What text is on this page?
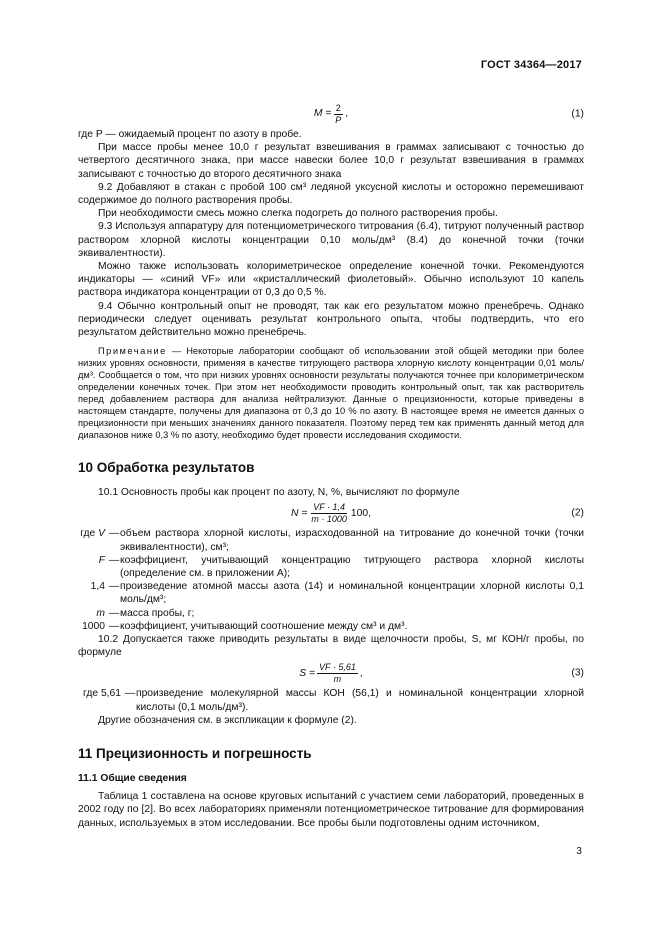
ГОСТ 34364—2017
$M = \frac{2}{P}$ ,	(1)

где P — ожидаемый процент по азоту в пробе.

При массе пробы менее 10,0 г результат взвешивания в граммах записывают с точностью до четвертого десятичного знака, при массе навески более 10,0 г результат взвешивания в граммах записывают с точностью до второго десятичного знака

9.2 Добавляют в стакан с пробой 100 см³ ледяной уксусной кислоты и осторожно перемешивают содержимое до полного растворения пробы.

При необходимости смесь можно слегка подогреть до полного растворения пробы.

9.3 Используя аппаратуру для потенциометрического титрования (6.4), титруют полученный раствор раствором хлорной кислоты концентрации 0,10 моль/дм³ (8.4) до конечной точки (точки эквивалентности).

Можно также использовать колориметрическое определение конечной точки. Рекомендуются индикаторы — «синий VF» или «кристаллический фиолетовый». Обычно используют 10 капель раствора индикатора концентрации от 0,3 до 0,5 %.

9.4 Обычно контрольный опыт не проводят, так как его результатом можно пренебречь. Однако периодически следует оценивать результат контрольного опыта, чтобы подтвердить, что его результатом действительно можно пренебречь.

Примечание — Некоторые лаборатории сообщают об использовании этой общей методики при более низких уровнях основности, применяя в качестве титрующего раствора хлорную кислоту концентрации 0,01 моль/дм³. Сообщается о том, что при низких уровнях основности результаты получаются точнее при колориметрическом определении конечных точек. При этом нет необходимости проводить контрольный опыт, так как растворитель перед добавлением раствора для анализа нейтрализуют. Данные о прецизионности, которые приведены в настоящем стандарте, получены для диапазона от 0,3 до 10 % по азоту. В настоящее время не имеется данных о прецизионности при меньших значениях данного показателя. Поэтому перед тем как применять данный метод для диапазонов ниже 0,3 % по азоту, необходимо будет провести исследования сходимости.

10 Обработка результатов

10.1 Основность пробы как процент по азоту, N, %, вычисляют по формуле

$N = \frac{VF \cdot 1,4}{m \cdot 1000} 100$,	(2)
где V — объем раствора хлорной кислоты, израсходованной на титрование до конечной точки (точки эквивалентности), см³;
F — коэффициент, учитывающий концентрацию титрующего раствора хлорной кислоты (определение см. в приложении А);
1,4 — произведение атомной массы азота (14) и номинальной концентрации хлорной кислоты 0,1 моль/дм³;
m — масса пробы, г;
1000 — коэффициент, учитывающий соотношение между см³ и дм³.

10.2 Допускается также приводить результаты в виде щелочности пробы, S, мг КОН/г пробы, по формуле

$S = \frac{VF \cdot 5,61}{m}$ ,	(3)
где 5,61 — произведение молекулярной массы КОН (56,1) и номинальной концентрации хлорной кислоты (0,1 моль/дм³).

Другие обозначения см. в экспликации к формуле (2).

11 Прецизионность и погрешность
11.1 Общие сведения

Таблица 1 составлена на основе круговых испытаний с участием семи лабораторий, проведенных в 2002 году по [2]. Во всех лабораториях применяли потенциометрическое титрование для формирования данных, используемых в этом исследовании. Все пробы были подготовлены одним источником,

3
